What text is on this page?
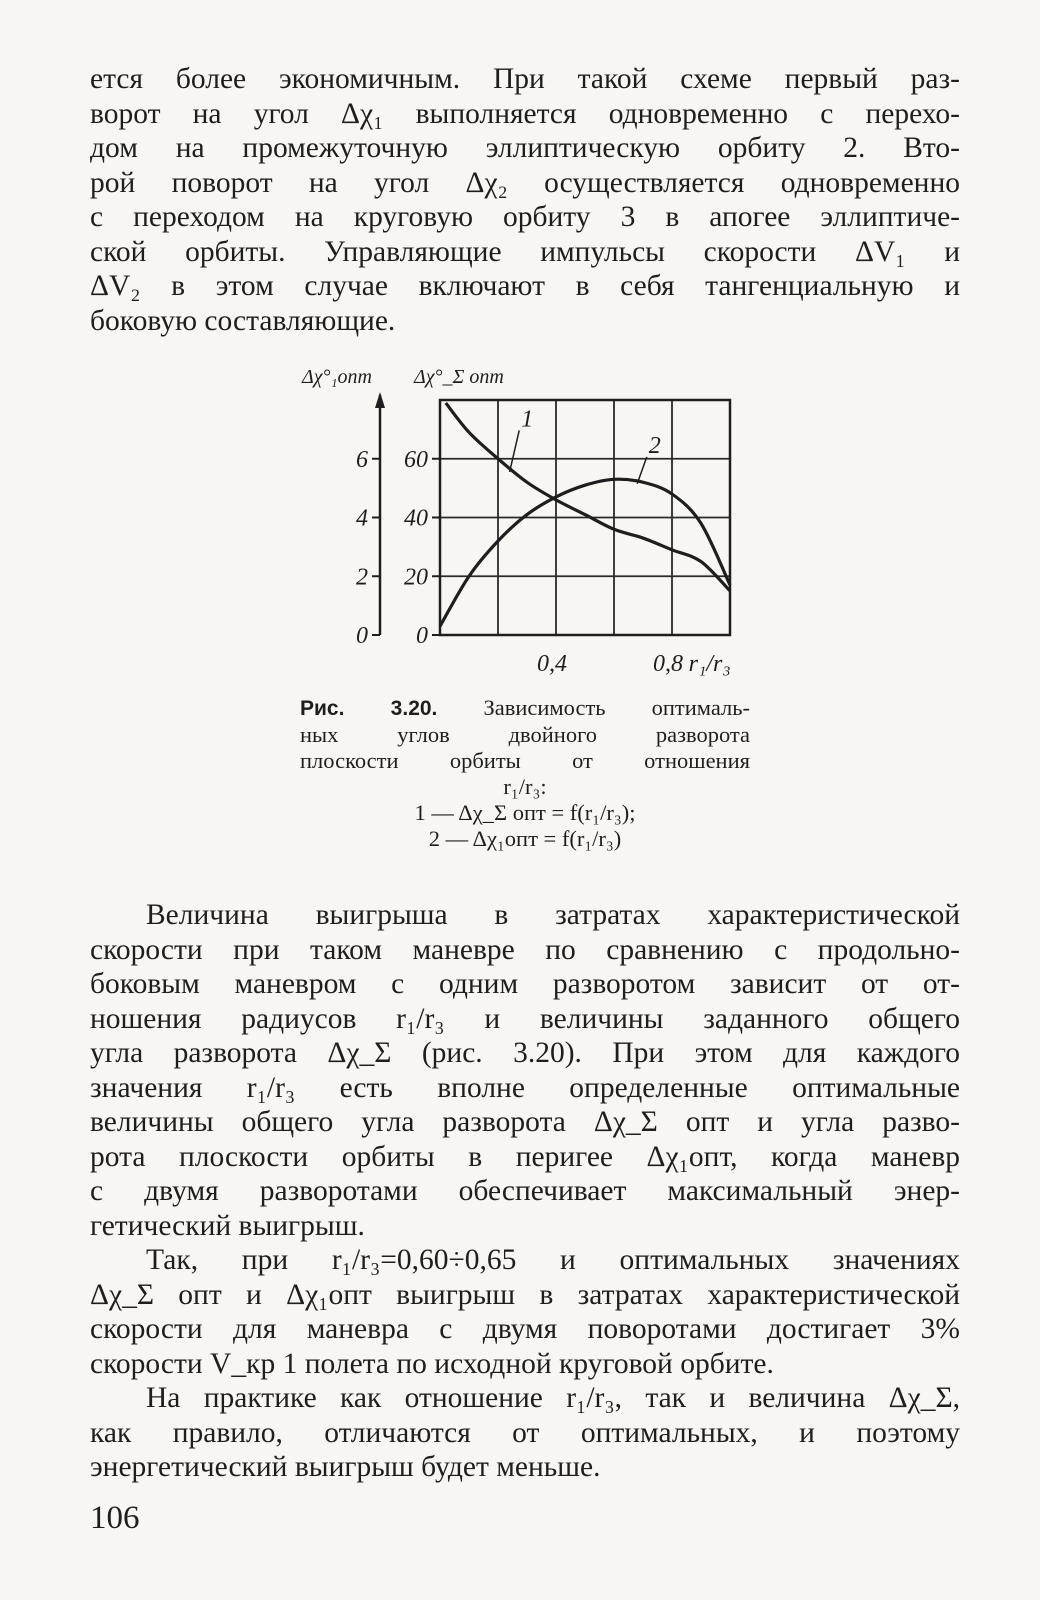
ется более экономичным. При такой схеме первый раз-
ворот на угол Δχ₁ выполняется одновременно с перехо-
дом на промежуточную эллиптическую орбиту 2. Вто-
рой поворот на угол Δχ₂ осуществляется одновременно
с переходом на круговую орбиту 3 в апогее эллиптиче-
ской орбиты. Управляющие импульсы скорости ΔV₁ и
ΔV₂ в этом случае включают в себя тангенциальную и
боковую составляющие.

0
20
40
60
0
2
4
6
Δχ°₁опт Δχ°_Σ опт
0,4	0,8 r₁/r₃
1
2
Рис. 3.20. Зависимость оптималь-
ных углов двойного разворота
плоскости орбиты от отношения
r₁/r₃:
1 — Δχ_Σ опт = f(r₁/r₃);
2 — Δχ₁опт = f(r₁/r₃)

Величина выигрыша в затратах характеристической
скорости при таком маневре по сравнению с продольно-
боковым маневром с одним разворотом зависит от от-
ношения радиусов r₁/r₃ и величины заданного общего
угла разворота Δχ_Σ (рис. 3.20). При этом для каждого
значения r₁/r₃ есть вполне определенные оптимальные
величины общего угла разворота Δχ_Σ опт и угла разво-
рота плоскости орбиты в перигее Δχ₁опт, когда маневр
с двумя разворотами обеспечивает максимальный энер-
гетический выигрыш.

Так, при r₁/r₃=0,60÷0,65 и оптимальных значениях
Δχ_Σ опт и Δχ₁опт выигрыш в затратах характеристической
скорости для маневра с двумя поворотами достигает 3%
скорости V_кр 1 полета по исходной круговой орбите.

На практике как отношение r₁/r₃, так и величина Δχ_Σ,
как правило, отличаются от оптимальных, и поэтому
энергетический выигрыш будет меньше.

106
